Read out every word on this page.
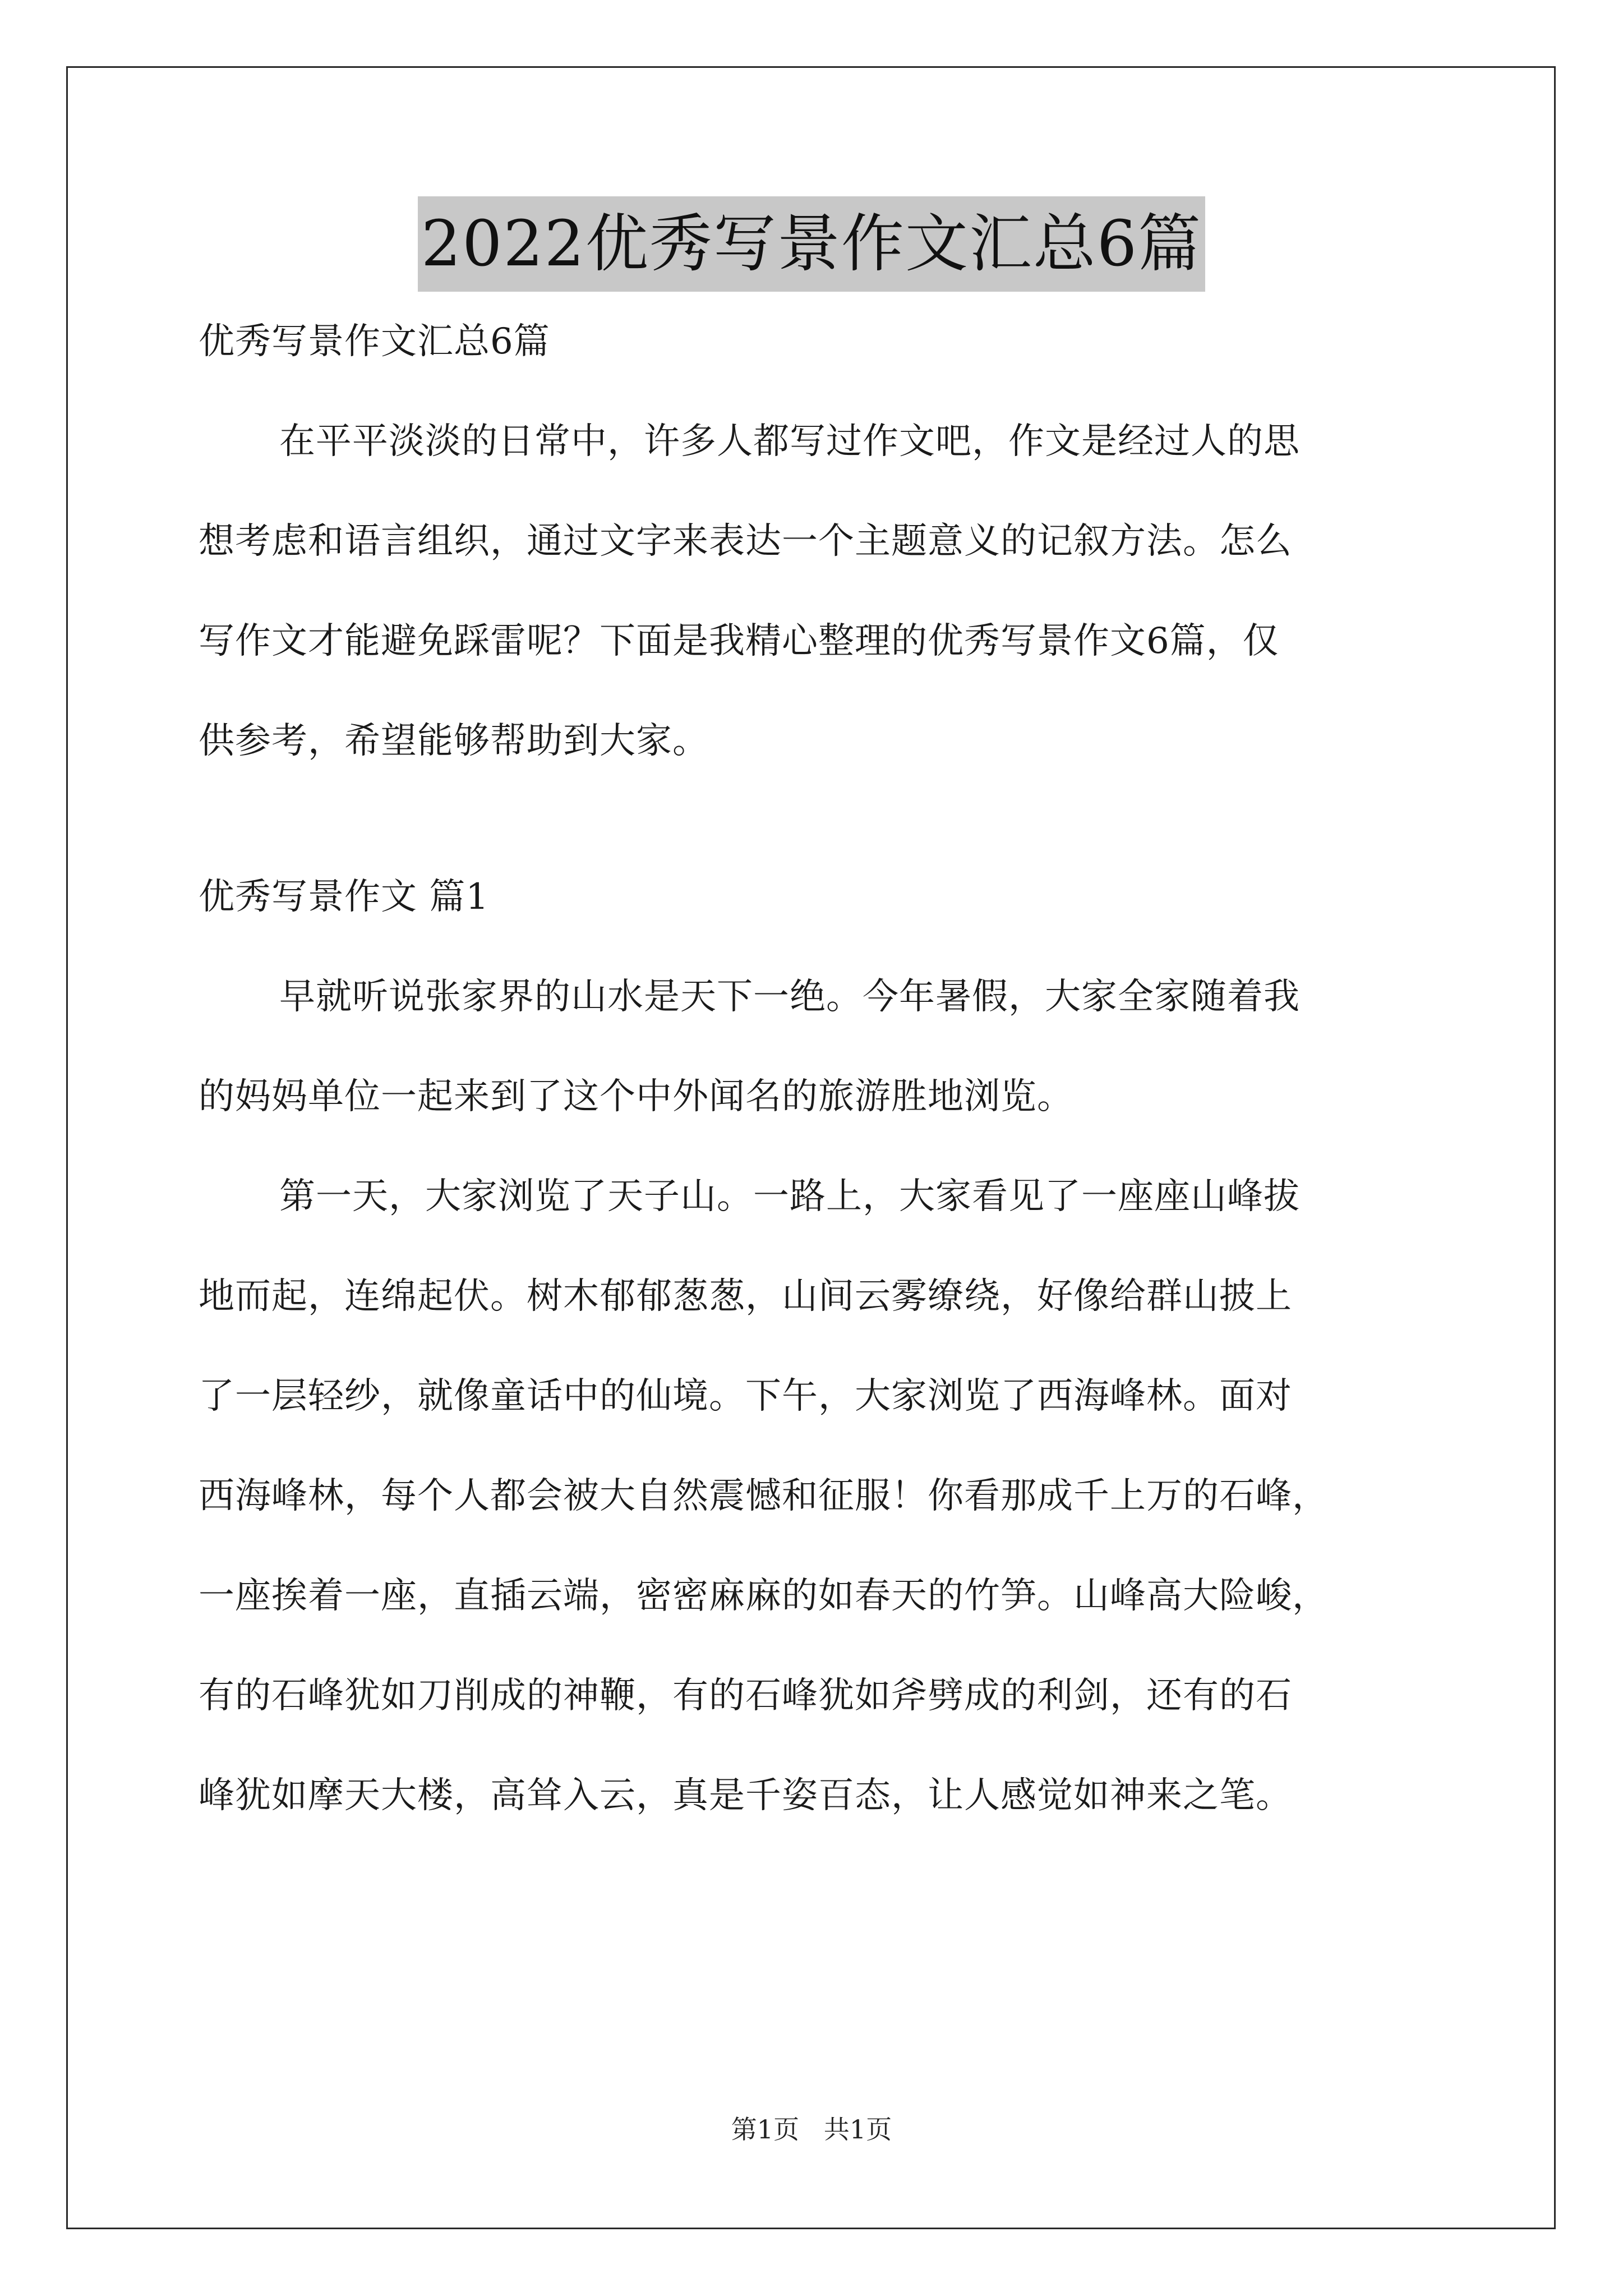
2022优秀写景作文汇总6篇
优秀写景作文汇总6篇
在平平淡淡的日常中，许多人都写过作文吧，作文是经过人的思
想考虑和语言组织，通过文字来表达一个主题意义的记叙方法。怎么
写作文才能避免踩雷呢？下面是我精心整理的优秀写景作文6篇，仅
供参考，希望能够帮助到大家。
优秀写景作文 篇1
早就听说张家界的山水是天下一绝。今年暑假，大家全家随着我
的妈妈单位一起来到了这个中外闻名的旅游胜地浏览。
第一天，大家浏览了天子山。一路上，大家看见了一座座山峰拔
地而起，连绵起伏。树木郁郁葱葱，山间云雾缭绕，好像给群山披上
了一层轻纱，就像童话中的仙境。下午，大家浏览了西海峰林。面对
西海峰林，每个人都会被大自然震憾和征服！你看那成千上万的石峰，
一座挨着一座，直插云端，密密麻麻的如春天的竹笋。山峰高大险峻，
有的石峰犹如刀削成的神鞭，有的石峰犹如斧劈成的利剑，还有的石
峰犹如摩天大楼，高耸入云，真是千姿百态，让人感觉如神来之笔。
第1页   共1页
